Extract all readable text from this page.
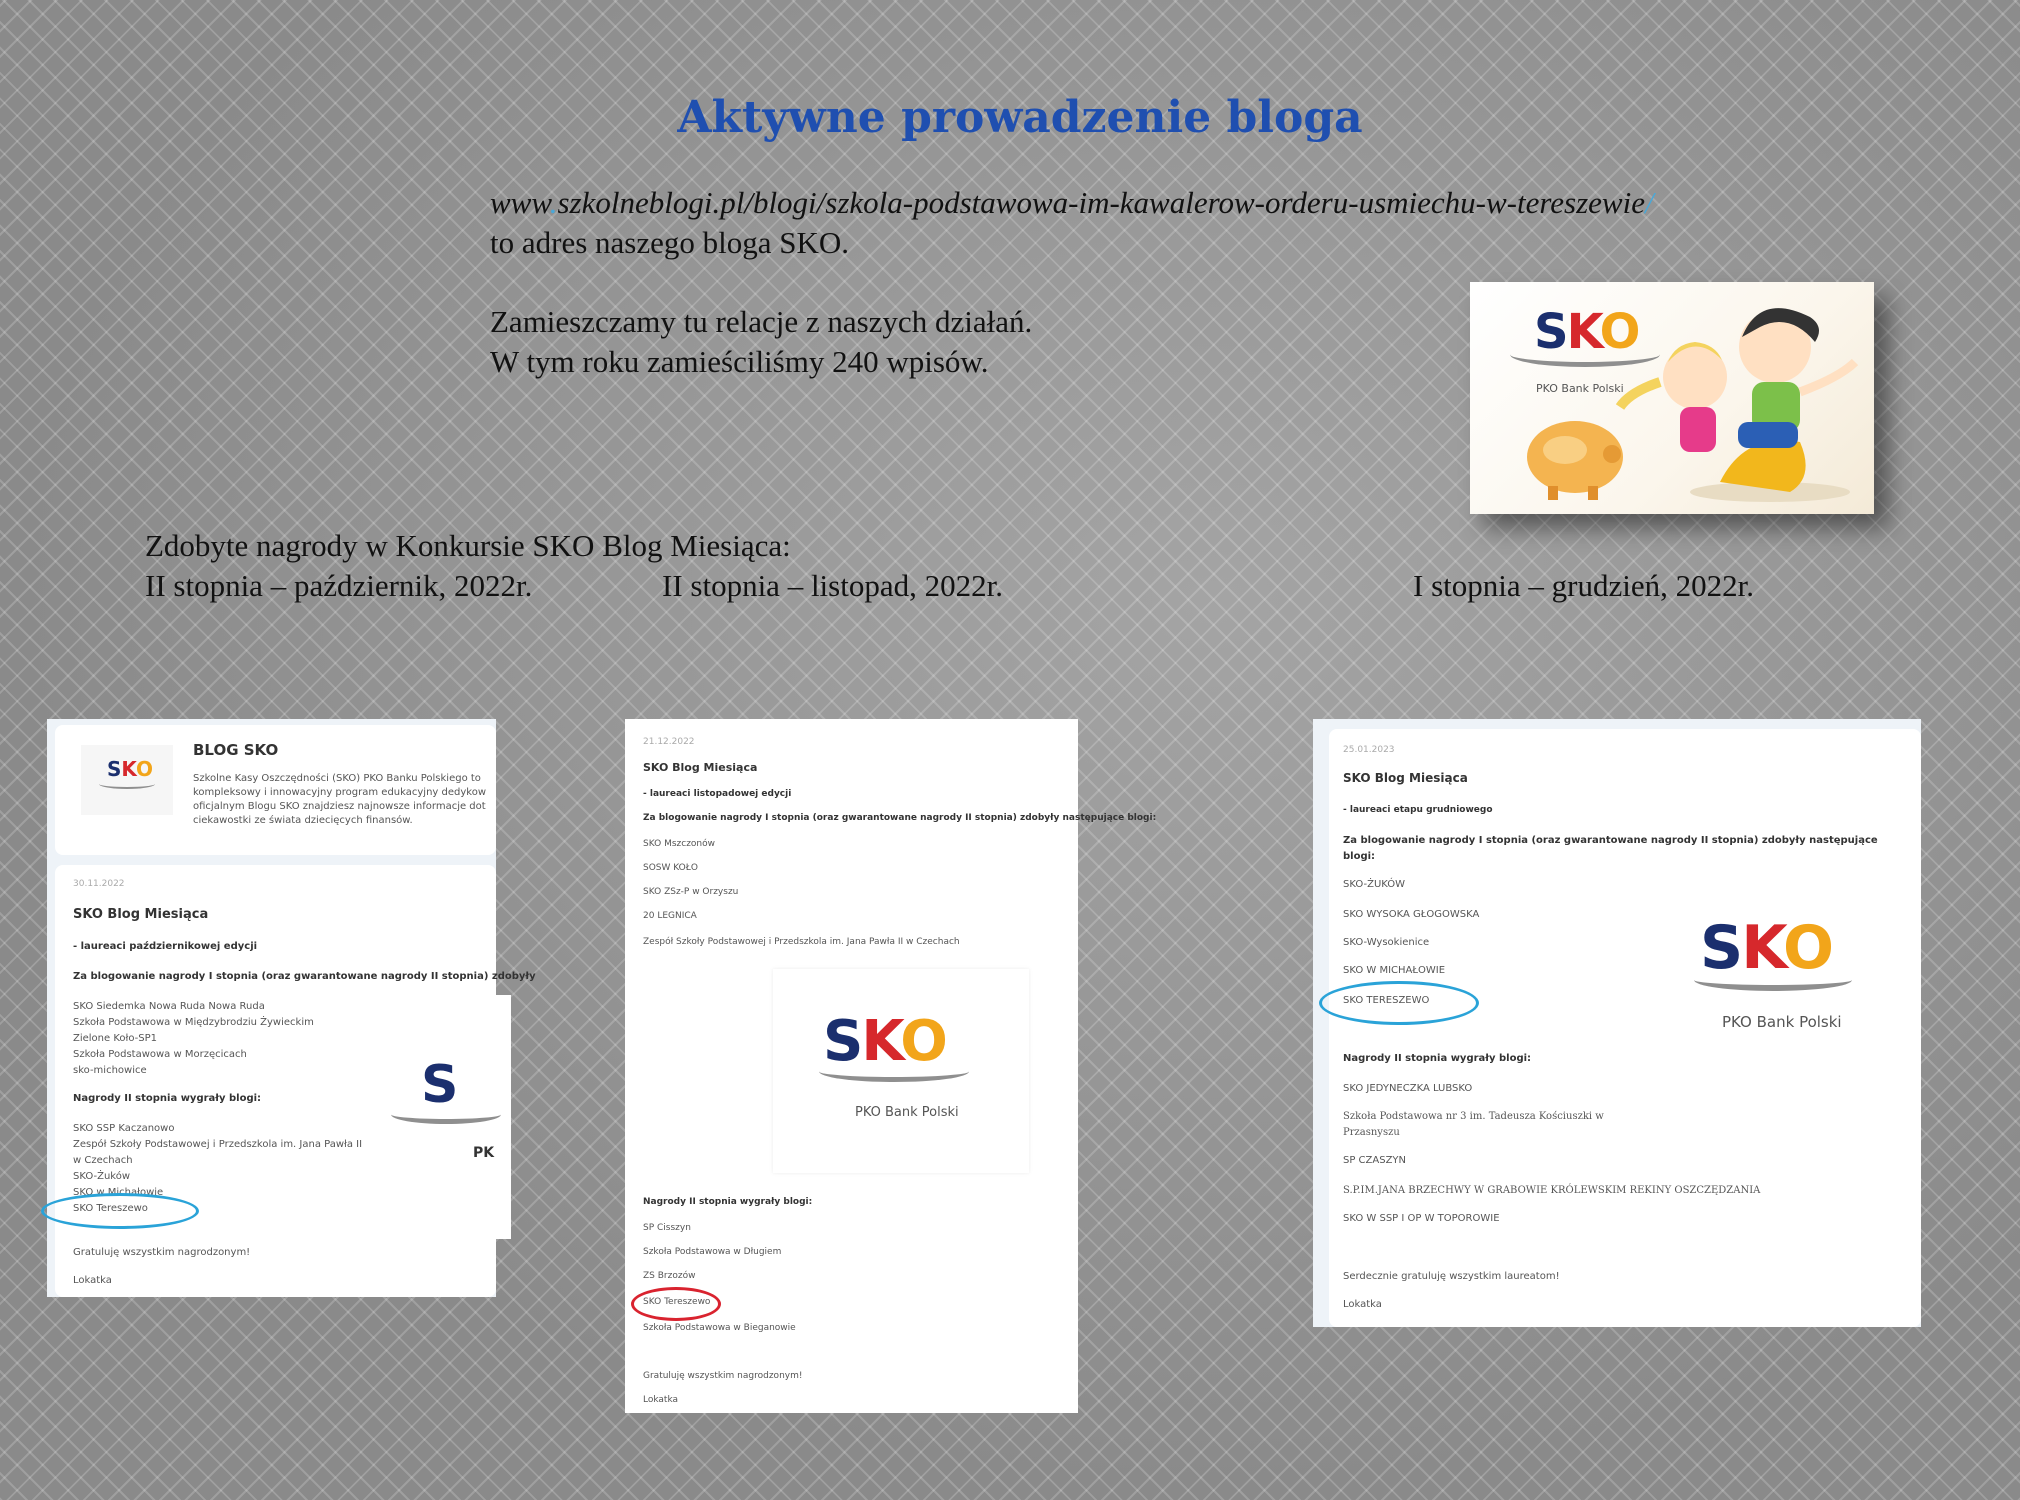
Aktywne prowadzenie bloga
www.szkolneblogi.pl/blogi/szkola-podstawowa-im-kawalerow-orderu-usmiechu-w-tereszewie/
to adres naszego bloga SKO.
Zamieszczamy tu relacje z naszych działań.
W tym roku zamieściliśmy 240 wpisów.
Zdobyte nagrody w Konkursie SKO Blog Miesiąca:
II stopnia – październik, 2022r.	II stopnia – listopad, 2022r.	I stopnia – grudzień, 2022r.
SKO
PKO Bank Polski
SKO
BLOG SKO
Szkolne Kasy Oszczędności (SKO) PKO Banku Polskiego to
kompleksowy i innowacyjny program edukacyjny dedykow
oficjalnym Blogu SKO znajdziesz najnowsze informacje dot
ciekawostki ze świata dziecięcych finansów.
30.11.2022
SKO Blog Miesiąca
- laureaci październikowej edycji
Za blogowanie nagrody I stopnia (oraz gwarantowane nagrody II stopnia) zdobyły
SKO Siedemka Nowa Ruda Nowa Ruda
Szkoła Podstawowa w Międzybrodziu Żywieckim
Zielone Koło-SP1
Szkoła Podstawowa w Morzęcicach
sko-michowice
Nagrody II stopnia wygrały blogi:
SKO SSP Kaczanowo
Zespół Szkoły Podstawowej i Przedszkola im. Jana Pawła II
w Czechach
SKO-Żuków
SKO w Michałowie
SKO Tereszewo
Gratuluję wszystkim nagrodzonym!
Lokatka
S
PK
21.12.2022
SKO Blog Miesiąca
- laureaci listopadowej edycji
Za blogowanie nagrody I stopnia (oraz gwarantowane nagrody II stopnia) zdobyły następujące blogi:
SKO Mszczonów
SOSW KOŁO
SKO ZSz-P w Orzyszu
20 LEGNICA
Zespół Szkoły Podstawowej i Przedszkola im. Jana Pawła II w Czechach
SKO
PKO Bank Polski
Nagrody II stopnia wygrały blogi:
SP Cisszyn
Szkoła Podstawowa w Długiem
ZS Brzozów
SKO Tereszewo
Szkoła Podstawowa w Bieganowie
Gratuluję wszystkim nagrodzonym!
Lokatka
25.01.2023
SKO Blog Miesiąca
- laureaci etapu grudniowego
Za blogowanie nagrody I stopnia (oraz gwarantowane nagrody II stopnia) zdobyły następujące
blogi:
SKO-ŻUKÓW
SKO WYSOKA GŁOGOWSKA
SKO-Wysokienice
SKO W MICHAŁOWIE
SKO TERESZEWO
Nagrody II stopnia wygrały blogi:
SKO JEDYNECZKA LUBSKO
Szkoła Podstawowa nr 3 im. Tadeusza Kościuszki w
Przasnyszu
SP CZASZYN
S.P.IM.JANA BRZECHWY W GRABOWIE KRÓLEWSKIM REKINY OSZCZĘDZANIA
SKO W SSP I OP W TOPOROWIE
Serdecznie gratuluję wszystkim laureatom!
Lokatka
SKO
PKO Bank Polski
